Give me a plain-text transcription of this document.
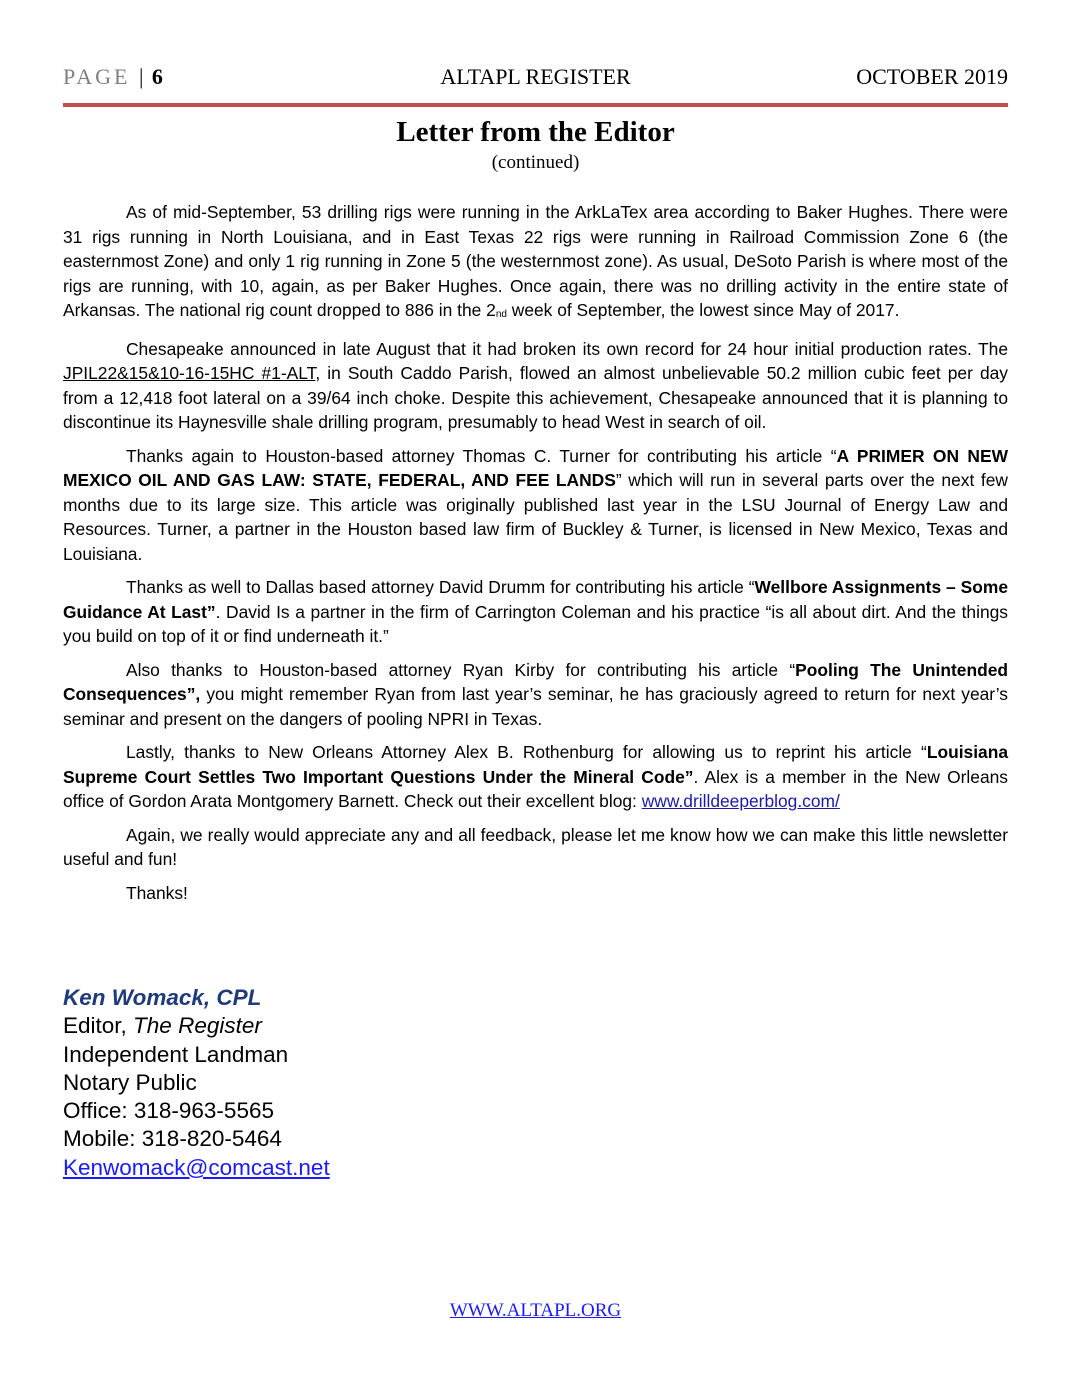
PAGE | 6	ALTAPL REGISTER	OCTOBER 2019
Letter from the Editor
(continued)

As of mid-September, 53 drilling rigs were running in the ArkLaTex area according to Baker Hughes. There were 31 rigs running in North Louisiana, and in East Texas 22 rigs were running in Railroad Commission Zone 6 (the easternmost Zone) and only 1 rig running in Zone 5 (the westernmost zone). As usual, DeSoto Parish is where most of the rigs are running, with 10, again, as per Baker Hughes. Once again, there was no drilling activity in the entire state of Arkansas. The national rig count dropped to 886 in the $2_{nd}$ week of September, the lowest since May of 2017.

Chesapeake announced in late August that it had broken its own record for 24 hour initial production rates. The JPIL22&15&10-16-15HC #1-ALT, in South Caddo Parish, flowed an almost unbelievable 50.2 million cubic feet per day from a 12,418 foot lateral on a 39/64 inch choke. Despite this achievement, Chesapeake announced that it is planning to discontinue its Haynesville shale drilling program, presumably to head West in search of oil.

Thanks again to Houston-based attorney Thomas C. Turner for contributing his article “A PRIMER ON NEW MEXICO OIL AND GAS LAW: STATE, FEDERAL, AND FEE LANDS” which will run in several parts over the next few months due to its large size. This article was originally published last year in the LSU Journal of Energy Law and Resources. Turner, a partner in the Houston based law firm of Buckley & Turner, is licensed in New Mexico, Texas and Louisiana.

Thanks as well to Dallas based attorney David Drumm for contributing his article “Wellbore Assignments – Some Guidance At Last”. David Is a partner in the firm of Carrington Coleman and his practice “is all about dirt. And the things you build on top of it or find underneath it.”

Also thanks to Houston-based attorney Ryan Kirby for contributing his article “Pooling The Unintended Consequences”, you might remember Ryan from last year’s seminar, he has graciously agreed to return for next year’s seminar and present on the dangers of pooling NPRI in Texas.

Lastly, thanks to New Orleans Attorney Alex B. Rothenburg for allowing us to reprint his article “Louisiana Supreme Court Settles Two Important Questions Under the Mineral Code”. Alex is a member in the New Orleans office of Gordon Arata Montgomery Barnett. Check out their excellent blog: www.drilldeeperblog.com/

Again, we really would appreciate any and all feedback, please let me know how we can make this little newsletter useful and fun!

Thanks!

Ken Womack, CPL
Editor, The Register
Independent Landman
Notary Public
Office: 318-963-5565
Mobile: 318-820-5464
Kenwomack@comcast.net
WWW.ALTAPL.ORG
